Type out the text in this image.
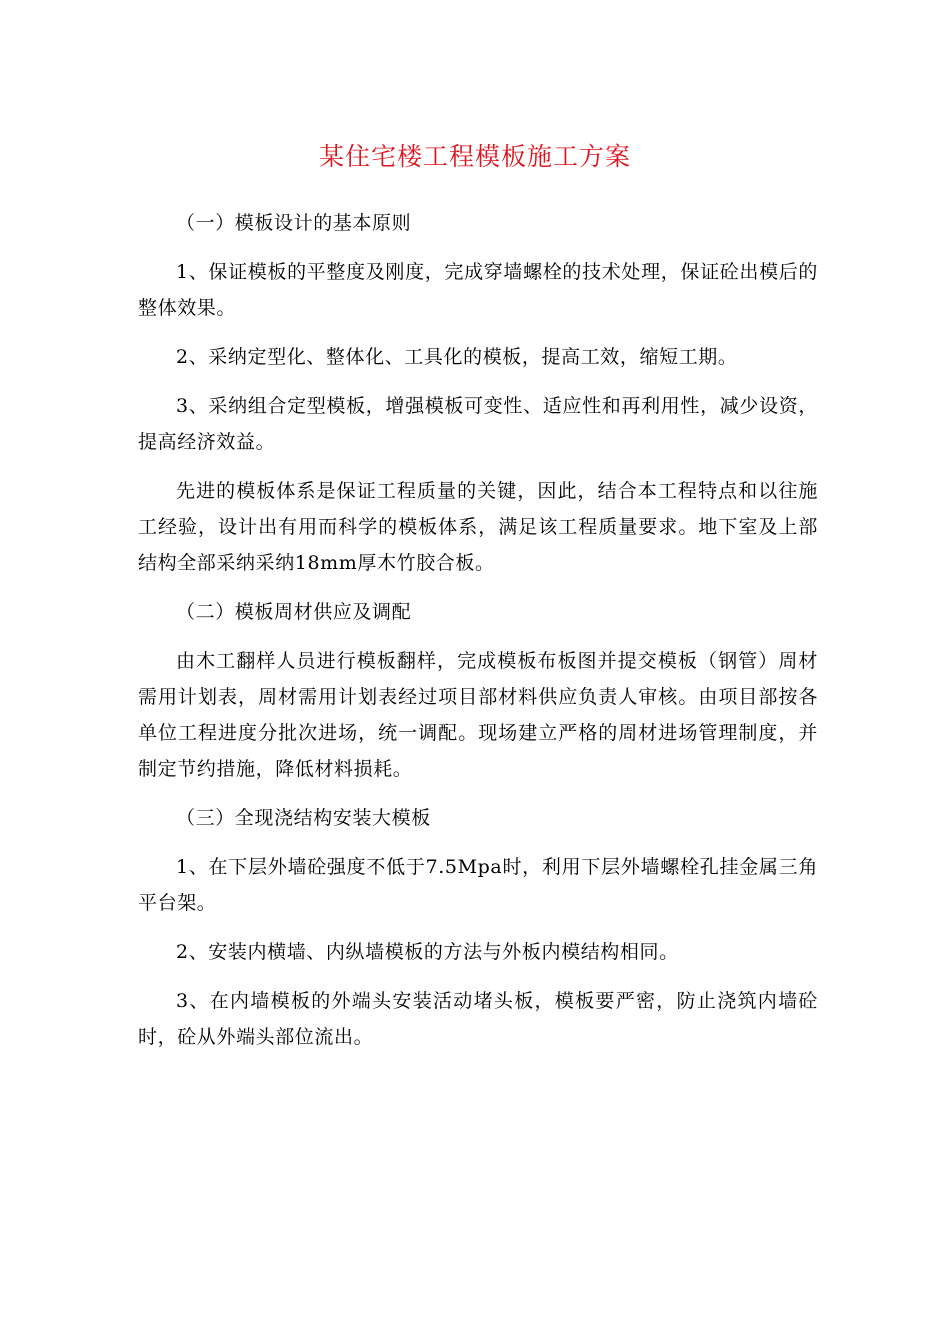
某住宅楼工程模板施工方案

（一）模板设计的基本原则

1、保证模板的平整度及刚度，完成穿墙螺栓的技术处理，保证砼出模后的整体效果。

2、采纳定型化、整体化、工具化的模板，提高工效，缩短工期。

3、采纳组合定型模板，增强模板可变性、适应性和再利用性，减少设资，提高经济效益。

先进的模板体系是保证工程质量的关键，因此，结合本工程特点和以往施工经验，设计出有用而科学的模板体系，满足该工程质量要求。地下室及上部结构全部采纳采纳18mm厚木竹胶合板。

（二）模板周材供应及调配

由木工翻样人员进行模板翻样，完成模板布板图并提交模板（钢管）周材需用计划表，周材需用计划表经过项目部材料供应负责人审核。由项目部按各单位工程进度分批次进场，统一调配。现场建立严格的周材进场管理制度，并制定节约措施，降低材料损耗。

（三）全现浇结构安装大模板

1、在下层外墙砼强度不低于7.5Mpa时，利用下层外墙螺栓孔挂金属三角平台架。

2、安装内横墙、内纵墙模板的方法与外板内模结构相同。

3、在内墙模板的外端头安装活动堵头板，模板要严密，防止浇筑内墙砼时，砼从外端头部位流出。
